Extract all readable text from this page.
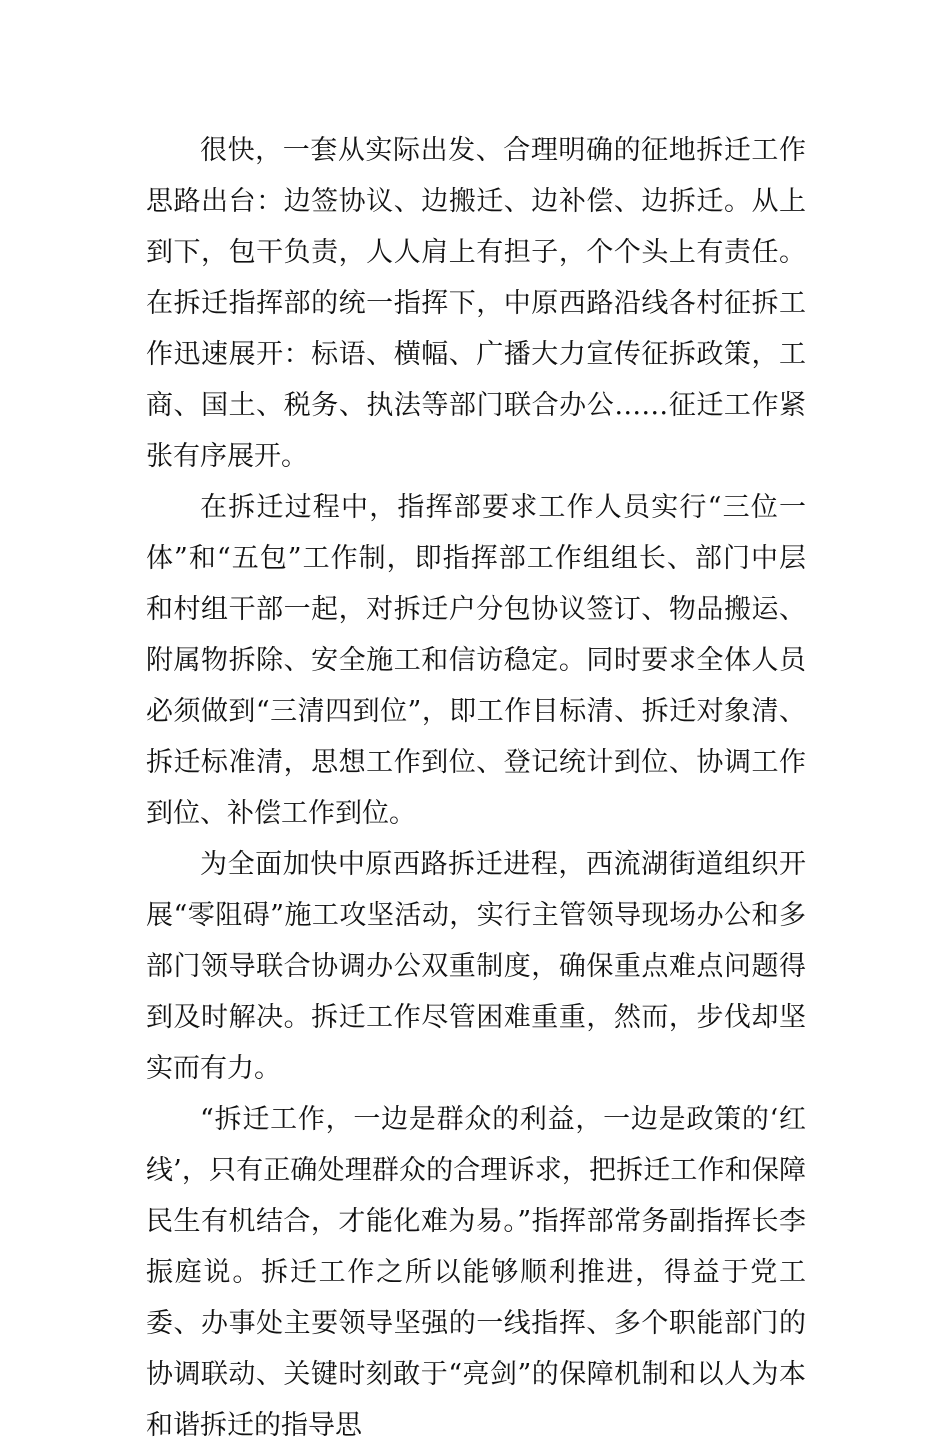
很快，一套从实际出发、合理明确的征地拆迁工作思路出台：边签协议、边搬迁、边补偿、边拆迁。从上到下，包干负责，人人肩上有担子，个个头上有责任。在拆迁指挥部的统一指挥下，中原西路沿线各村征拆工作迅速展开：标语、横幅、广播大力宣传征拆政策，工商、国土、税务、执法等部门联合办公……征迁工作紧张有序展开。

在拆迁过程中，指挥部要求工作人员实行“三位一体”和“五包”工作制，即指挥部工作组组长、部门中层和村组干部一起，对拆迁户分包协议签订、物品搬运、附属物拆除、安全施工和信访稳定。同时要求全体人员必须做到“三清四到位”，即工作目标清、拆迁对象清、拆迁标准清，思想工作到位、登记统计到位、协调工作到位、补偿工作到位。

为全面加快中原西路拆迁进程，西流湖街道组织开展“零阻碍”施工攻坚活动，实行主管领导现场办公和多部门领导联合协调办公双重制度，确保重点难点问题得到及时解决。拆迁工作尽管困难重重，然而，步伐却坚实而有力。

“拆迁工作，一边是群众的利益，一边是政策的‘红线’，只有正确处理群众的合理诉求，把拆迁工作和保障民生有机结合，才能化难为易。”指挥部常务副指挥长李振庭说。拆迁工作之所以能够顺利推进，得益于党工委、办事处主要领导坚强的一线指挥、多个职能部门的协调联动、关键时刻敢于“亮剑”的保障机制和以人为本和谐拆迁的指导思
